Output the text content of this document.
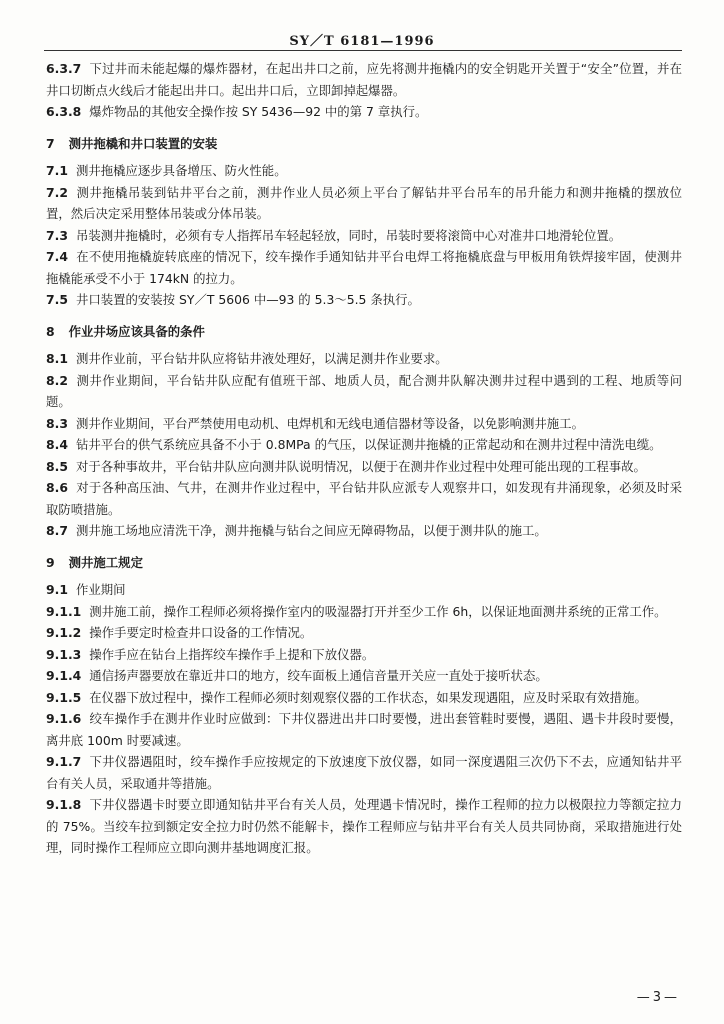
SY／T 6181—1996
6.3.7 下过井而未能起爆的爆炸器材，在起出井口之前，应先将测井拖橇内的安全钥匙开关置于“安全”位置，并在井口切断点火线后才能起出井口。起出井口后，立即卸掉起爆器。
6.3.8 爆炸物品的其他安全操作按 SY 5436—92 中的第 7 章执行。
7 测井拖橇和井口装置的安装
7.1 测井拖橇应逐步具备增压、防火性能。
7.2 测井拖橇吊装到钻井平台之前，测井作业人员必须上平台了解钻井平台吊车的吊升能力和测井拖橇的摆放位置，然后决定采用整体吊装或分体吊装。
7.3 吊装测井拖橇时，必须有专人指挥吊车轻起轻放，同时，吊装时要将滚筒中心对准井口地滑轮位置。
7.4 在不使用拖橇旋转底座的情况下，绞车操作手通知钻井平台电焊工将拖橇底盘与甲板用角铁焊接牢固，使测井拖橇能承受不小于 174kN 的拉力。
7.5 井口装置的安装按 SY／T 5606 中—93 的 5.3～5.5 条执行。
8 作业井场应该具备的条件
8.1 测井作业前，平台钻井队应将钻井液处理好，以满足测井作业要求。
8.2 测井作业期间，平台钻井队应配有值班干部、地质人员，配合测井队解决测井过程中遇到的工程、地质等问题。
8.3 测井作业期间，平台严禁使用电动机、电焊机和无线电通信器材等设备，以免影响测井施工。
8.4 钻井平台的供气系统应具备不小于 0.8MPa 的气压，以保证测井拖橇的正常起动和在测井过程中清洗电缆。
8.5 对于各种事故井，平台钻井队应向测井队说明情况，以便于在测井作业过程中处理可能出现的工程事故。
8.6 对于各种高压油、气井，在测井作业过程中，平台钻井队应派专人观察井口，如发现有井涌现象，必须及时采取防喷措施。
8.7 测井施工场地应清洗干净，测井拖橇与钻台之间应无障碍物品，以便于测井队的施工。
9 测井施工规定
9.1 作业期间
9.1.1 测井施工前，操作工程师必须将操作室内的吸湿器打开并至少工作 6h，以保证地面测井系统的正常工作。
9.1.2 操作手要定时检查井口设备的工作情况。
9.1.3 操作手应在钻台上指挥绞车操作手上提和下放仪器。
9.1.4 通信扬声器要放在靠近井口的地方，绞车面板上通信音量开关应一直处于接听状态。
9.1.5 在仪器下放过程中，操作工程师必须时刻观察仪器的工作状态，如果发现遇阻，应及时采取有效措施。
9.1.6 绞车操作手在测井作业时应做到：下井仪器进出井口时要慢，进出套管鞋时要慢，遇阻、遇卡井段时要慢，离井底 100m 时要减速。
9.1.7 下井仪器遇阻时，绞车操作手应按规定的下放速度下放仪器，如同一深度遇阻三次仍下不去，应通知钻井平台有关人员，采取通井等措施。
9.1.8 下井仪器遇卡时要立即通知钻井平台有关人员，处理遇卡情况时，操作工程师的拉力以极限拉力等额定拉力的 75%。当绞车拉到额定安全拉力时仍然不能解卡，操作工程师应与钻井平台有关人员共同协商，采取措施进行处理，同时操作工程师应立即向测井基地调度汇报。
—3—
